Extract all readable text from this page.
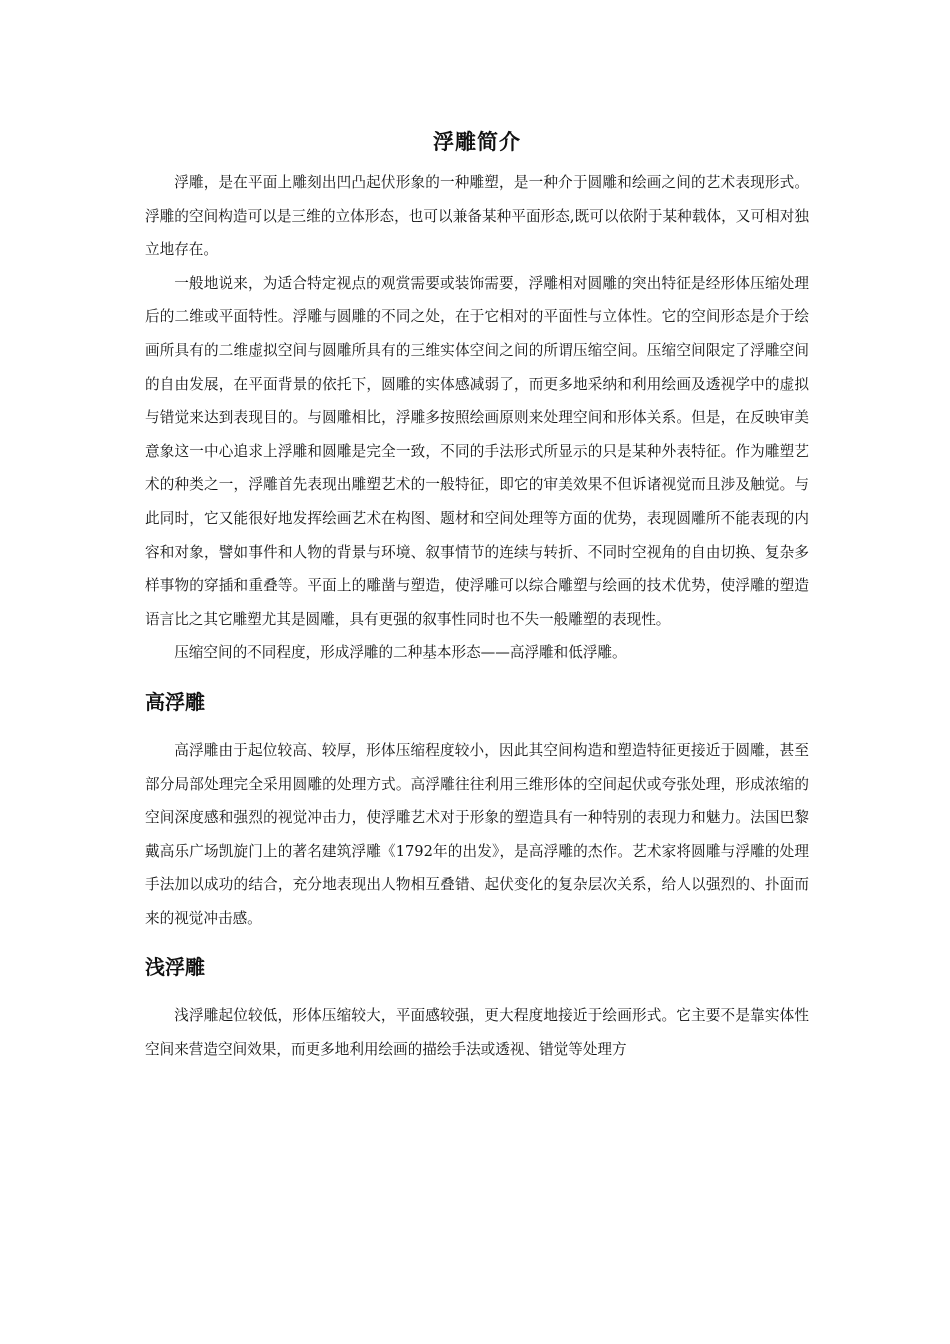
浮雕简介

浮雕，是在平面上雕刻出凹凸起伏形象的一种雕塑，是一种介于圆雕和绘画之间的艺术表现形式。浮雕的空间构造可以是三维的立体形态，也可以兼备某种平面形态,既可以依附于某种载体，又可相对独立地存在。

一般地说来，为适合特定视点的观赏需要或装饰需要，浮雕相对圆雕的突出特征是经形体压缩处理后的二维或平面特性。浮雕与圆雕的不同之处，在于它相对的平面性与立体性。它的空间形态是介于绘画所具有的二维虚拟空间与圆雕所具有的三维实体空间之间的所谓压缩空间。压缩空间限定了浮雕空间的自由发展，在平面背景的依托下，圆雕的实体感减弱了，而更多地采纳和利用绘画及透视学中的虚拟与错觉来达到表现目的。与圆雕相比，浮雕多按照绘画原则来处理空间和形体关系。但是，在反映审美意象这一中心追求上浮雕和圆雕是完全一致，不同的手法形式所显示的只是某种外表特征。作为雕塑艺术的种类之一，浮雕首先表现出雕塑艺术的一般特征，即它的审美效果不但诉诸视觉而且涉及触觉。与此同时，它又能很好地发挥绘画艺术在构图、题材和空间处理等方面的优势，表现圆雕所不能表现的内容和对象，譬如事件和人物的背景与环境、叙事情节的连续与转折、不同时空视角的自由切换、复杂多样事物的穿插和重叠等。平面上的雕凿与塑造，使浮雕可以综合雕塑与绘画的技术优势，使浮雕的塑造语言比之其它雕塑尤其是圆雕，具有更强的叙事性同时也不失一般雕塑的表现性。

压缩空间的不同程度，形成浮雕的二种基本形态——高浮雕和低浮雕。

高浮雕

高浮雕由于起位较高、较厚，形体压缩程度较小，因此其空间构造和塑造特征更接近于圆雕，甚至部分局部处理完全采用圆雕的处理方式。高浮雕往往利用三维形体的空间起伏或夸张处理，形成浓缩的空间深度感和强烈的视觉冲击力，使浮雕艺术对于形象的塑造具有一种特别的表现力和魅力。法国巴黎戴高乐广场凯旋门上的著名建筑浮雕《1792年的出发》，是高浮雕的杰作。艺术家将圆雕与浮雕的处理手法加以成功的结合，充分地表现出人物相互叠错、起伏变化的复杂层次关系，给人以强烈的、扑面而来的视觉冲击感。

浅浮雕

浅浮雕起位较低，形体压缩较大，平面感较强，更大程度地接近于绘画形式。它主要不是靠实体性空间来营造空间效果，而更多地利用绘画的描绘手法或透视、错觉等处理方
